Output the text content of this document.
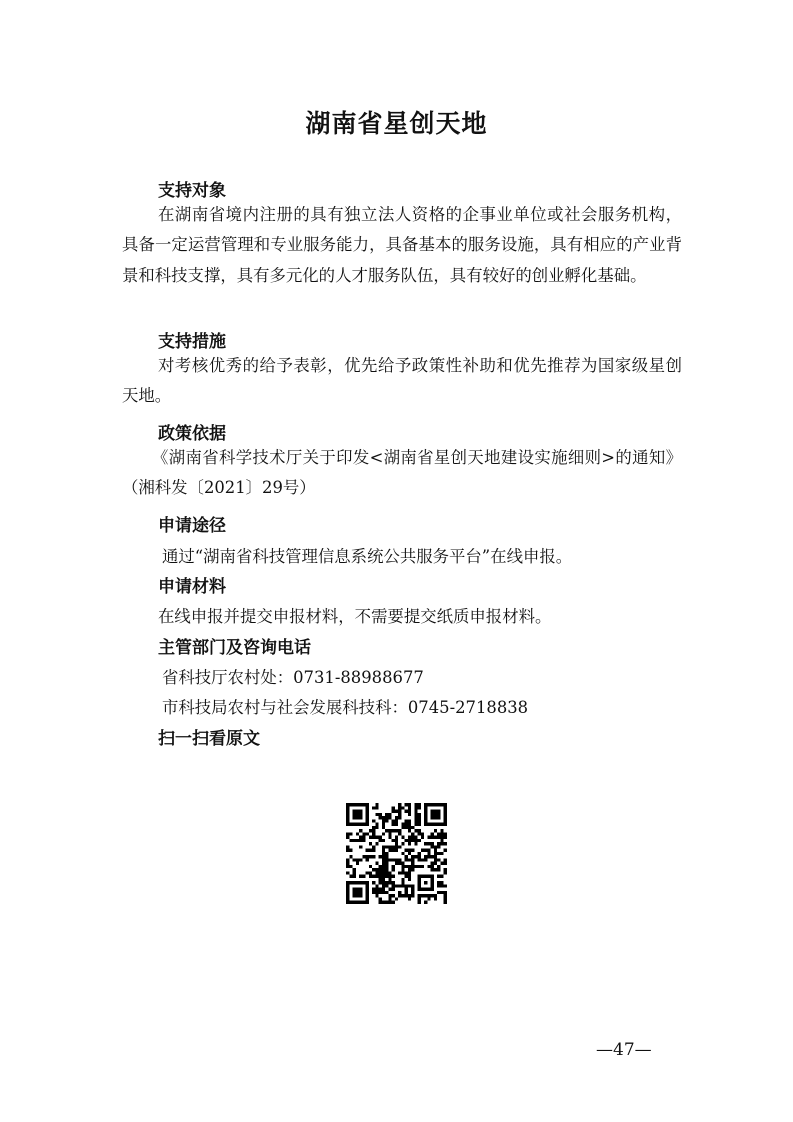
湖南省星创天地
支持对象

在湖南省境内注册的具有独立法人资格的企事业单位或社会服务机构，具备一定运营管理和专业服务能力，具备基本的服务设施，具有相应的产业背景和科技支撑，具有多元化的人才服务队伍，具有较好的创业孵化基础。

支持措施

对考核优秀的给予表彰，优先给予政策性补助和优先推荐为国家级星创天地。

政策依据

《湖南省科学技术厅关于印发<湖南省星创天地建设实施细则>的通知》（湘科发〔2021〕29号）

申请途径
通过“湖南省科技管理信息系统公共服务平台”在线申报。
申请材料
在线申报并提交申报材料，不需要提交纸质申报材料。
主管部门及咨询电话
省科技厅农村处：0731-88988677
市科技局农村与社会发展科技科：0745-2718838
扫一扫看原文
—47—
